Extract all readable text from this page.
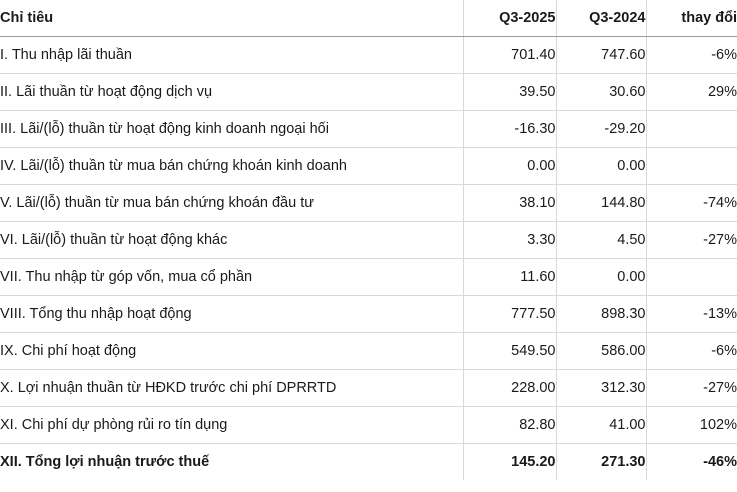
Chỉ tiêu	Q3-2025	Q3-2024	thay đổi
I. Thu nhập lãi thuần	701.40	747.60	-6%
II. Lãi thuần từ hoạt động dịch vụ	39.50	30.60	29%
III. Lãi/(lỗ) thuần từ hoạt động kinh doanh ngoại hối	-16.30	-29.20	
IV. Lãi/(lỗ) thuần từ mua bán chứng khoán kinh doanh	0.00	0.00	
V. Lãi/(lỗ) thuần từ mua bán chứng khoán đầu tư	38.10	144.80	-74%
VI. Lãi/(lỗ) thuần từ hoạt động khác	3.30	4.50	-27%
VII. Thu nhập từ góp vốn, mua cổ phần	11.60	0.00	
VIII. Tổng thu nhập hoạt động	777.50	898.30	-13%
IX. Chi phí hoạt động	549.50	586.00	-6%
X. Lợi nhuận thuần từ HĐKD trước chi phí DPRRTD	228.00	312.30	-27%
XI. Chi phí dự phòng rủi ro tín dụng	82.80	41.00	102%
XII. Tổng lợi nhuận trước thuế	145.20	271.30	-46%
